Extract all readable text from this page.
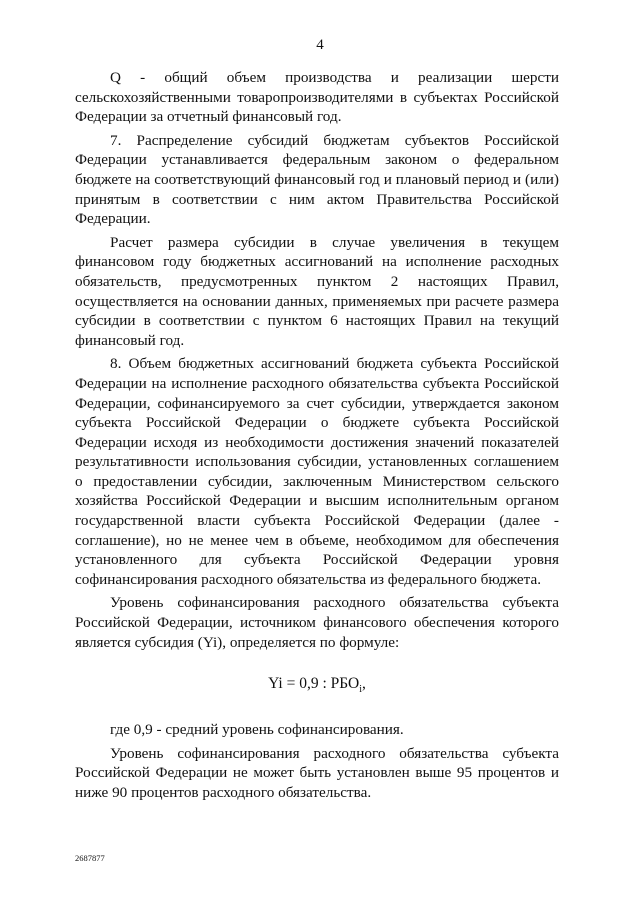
4

Q - общий объем производства и реализации шерсти сельскохозяйственными товаропроизводителями в субъектах Российской Федерации за отчетный финансовый год.

7. Распределение субсидий бюджетам субъектов Российской Федерации устанавливается федеральным законом о федеральном бюджете на соответствующий финансовый год и плановый период и (или) принятым в соответствии с ним актом Правительства Российской Федерации.

Расчет размера субсидии в случае увеличения в текущем финансовом году бюджетных ассигнований на исполнение расходных обязательств, предусмотренных пунктом 2 настоящих Правил, осуществляется на основании данных, применяемых при расчете размера субсидии в соответствии с пунктом 6 настоящих Правил на текущий финансовый год.

8. Объем бюджетных ассигнований бюджета субъекта Российской Федерации на исполнение расходного обязательства субъекта Российской Федерации, софинансируемого за счет субсидии, утверждается законом субъекта Российской Федерации о бюджете субъекта Российской Федерации исходя из необходимости достижения значений показателей результативности использования субсидии, установленных соглашением о предоставлении субсидии, заключенным Министерством сельского хозяйства Российской Федерации и высшим исполнительным органом государственной власти субъекта Российской Федерации (далее - соглашение), но не менее чем в объеме, необходимом для обеспечения установленного для субъекта Российской Федерации уровня софинансирования расходного обязательства из федерального бюджета.

Уровень софинансирования расходного обязательства субъекта Российской Федерации, источником финансового обеспечения которого является субсидия (Yi), определяется по формуле:

Yi = 0,9 : $РБО_i$,

где 0,9 - средний уровень софинансирования.

Уровень софинансирования расходного обязательства субъекта Российской Федерации не может быть установлен выше 95 процентов и ниже 90 процентов расходного обязательства.

2687877
